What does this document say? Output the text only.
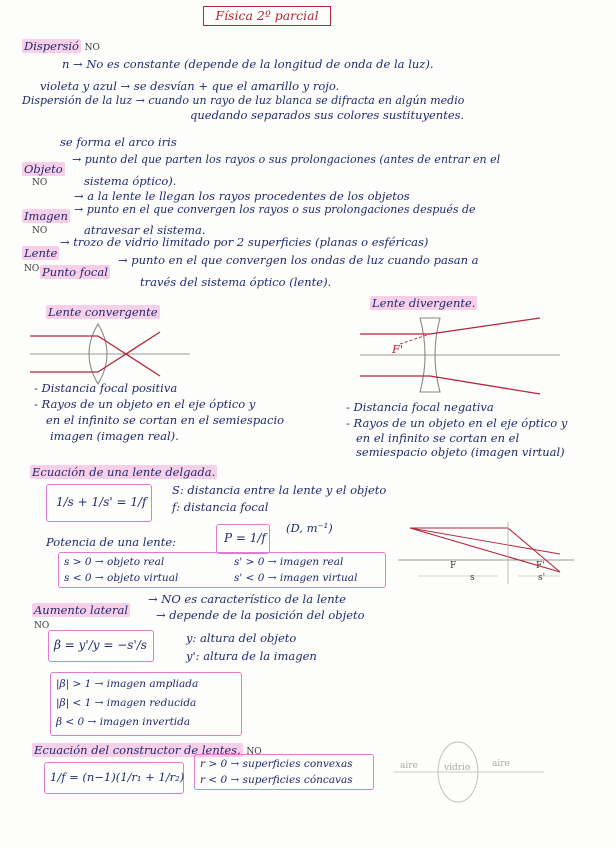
Física 2º parcial
Dispersió NO
n → No es constante (depende de la longitud de onda de la luz).
violeta y azul → se desvían + que el amarillo y rojo.
Dispersión de la luz → cuando un rayo de luz blanca se difracta en algún medio
quedando separados sus colores sustituyentes.
se forma el arco iris
Objeto
NO
→ punto del que parten los rayos o sus prolongaciones (antes de entrar en el
sistema óptico).
→ a la lente le llegan los rayos procedentes de los objetos
Imagen
NO
→ punto en el que convergen los rayos o sus prolongaciones después de
atravesar el sistema.
Lente
NO
→ trozo de vidrio limitado por 2 superficies (planas o esféricas)
Punto focal
→ punto en el que convergen los ondas de luz cuando pasan a
través del sistema óptico (lente).
Lente convergente
- Distancia focal positiva
- Rayos de un objeto en el eje óptico y
en el infinito se cortan en el semiespacio
imagen (imagen real).
Lente divergente.
F'
- Distancia focal negativa
- Rayos de un objeto en el eje óptico y
en el infinito se cortan en el
semiespacio objeto (imagen virtual)
Ecuación de una lente delgada.
1/s + 1/s' = 1/f
S: distancia entre la lente y el objeto
f: distancia focal
Potencia de una lente:	P = 1/f
(D, m⁻¹)
s > 0 → objeto real	s' > 0 → imagen real
s < 0 → objeto virtual	s' < 0 → imagen virtual
F	F'
s	s'
Aumento lateral
NO
→ NO es característico de la lente
→ depende de la posición del objeto
β = y'/y = −s'/s	y: altura del objeto
y': altura de la imagen
|β| > 1 → imagen ampliada
|β| < 1 → imagen reducida
β < 0 → imagen invertida
Ecuación del constructor de lentes. NO
1/f = (n−1)(1/r₁ + 1/r₂)
r > 0 → superficies convexas
r < 0 → superficies cóncavas
aire	vidrio aire
